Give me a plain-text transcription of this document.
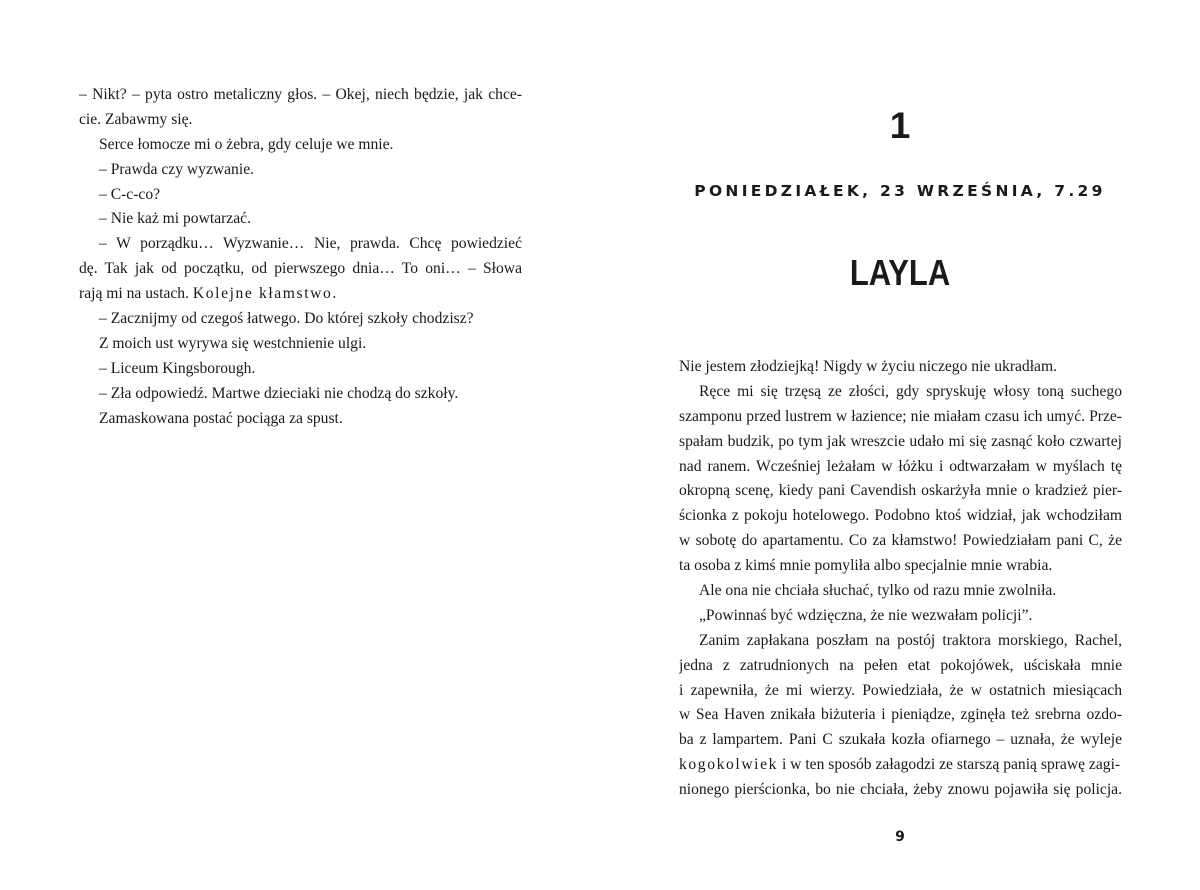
– Nikt? – pyta ostro metaliczny głos. – Okej, niech będzie, jak chce-
cie. Zabawmy się.
Serce łomocze mi o żebra, gdy celuje we mnie.
– Prawda czy wyzwanie.
– C-c-co?
– Nie każ mi powtarzać.
– W porządku… Wyzwanie… Nie, prawda. Chcę powiedzieć
dę. Tak jak od początku, od pierwszego dnia… To oni… – Słowa
rają mi na ustach. Kolejne kłamstwo.
– Zacznijmy od czegoś łatwego. Do której szkoły chodzisz?
Z moich ust wyrywa się westchnienie ulgi.
– Liceum Kingsborough.
– Zła odpowiedź. Martwe dzieciaki nie chodzą do szkoły.
Zamaskowana postać pociąga za spust.
1
PONIEDZIAŁEK, 23 WRZEŚNIA, 7.29
LAYLA
Nie jestem złodziejką! Nigdy w życiu niczego nie ukradłam.
Ręce mi się trzęsą ze złości, gdy spryskuję włosy toną suchego
szamponu przed lustrem w łazience; nie miałam czasu ich umyć. Prze-
spałam budzik, po tym jak wreszcie udało mi się zasnąć koło czwartej
nad ranem. Wcześniej leżałam w łóżku i odtwarzałam w myślach tę
okropną scenę, kiedy pani Cavendish oskarżyła mnie o kradzież pier-
ścionka z pokoju hotelowego. Podobno ktoś widział, jak wchodziłam
w sobotę do apartamentu. Co za kłamstwo! Powiedziałam pani C, że
ta osoba z kimś mnie pomyliła albo specjalnie mnie wrabia.
Ale ona nie chciała słuchać, tylko od razu mnie zwolniła.
„Powinnaś być wdzięczna, że nie wezwałam policji”.
Zanim zapłakana poszłam na postój traktora morskiego, Rachel,
jedna z zatrudnionych na pełen etat pokojówek, uściskała mnie
i zapewniła, że mi wierzy. Powiedziała, że w ostatnich miesiącach
w Sea Haven znikała biżuteria i pieniądze, zginęła też srebrna ozdo-
ba z lampartem. Pani C szukała kozła ofiarnego – uznała, że wyleje
kogokolwiek i w ten sposób załagodzi ze starszą panią sprawę zagi-
nionego pierścionka, bo nie chciała, żeby znowu pojawiła się policja.
9
